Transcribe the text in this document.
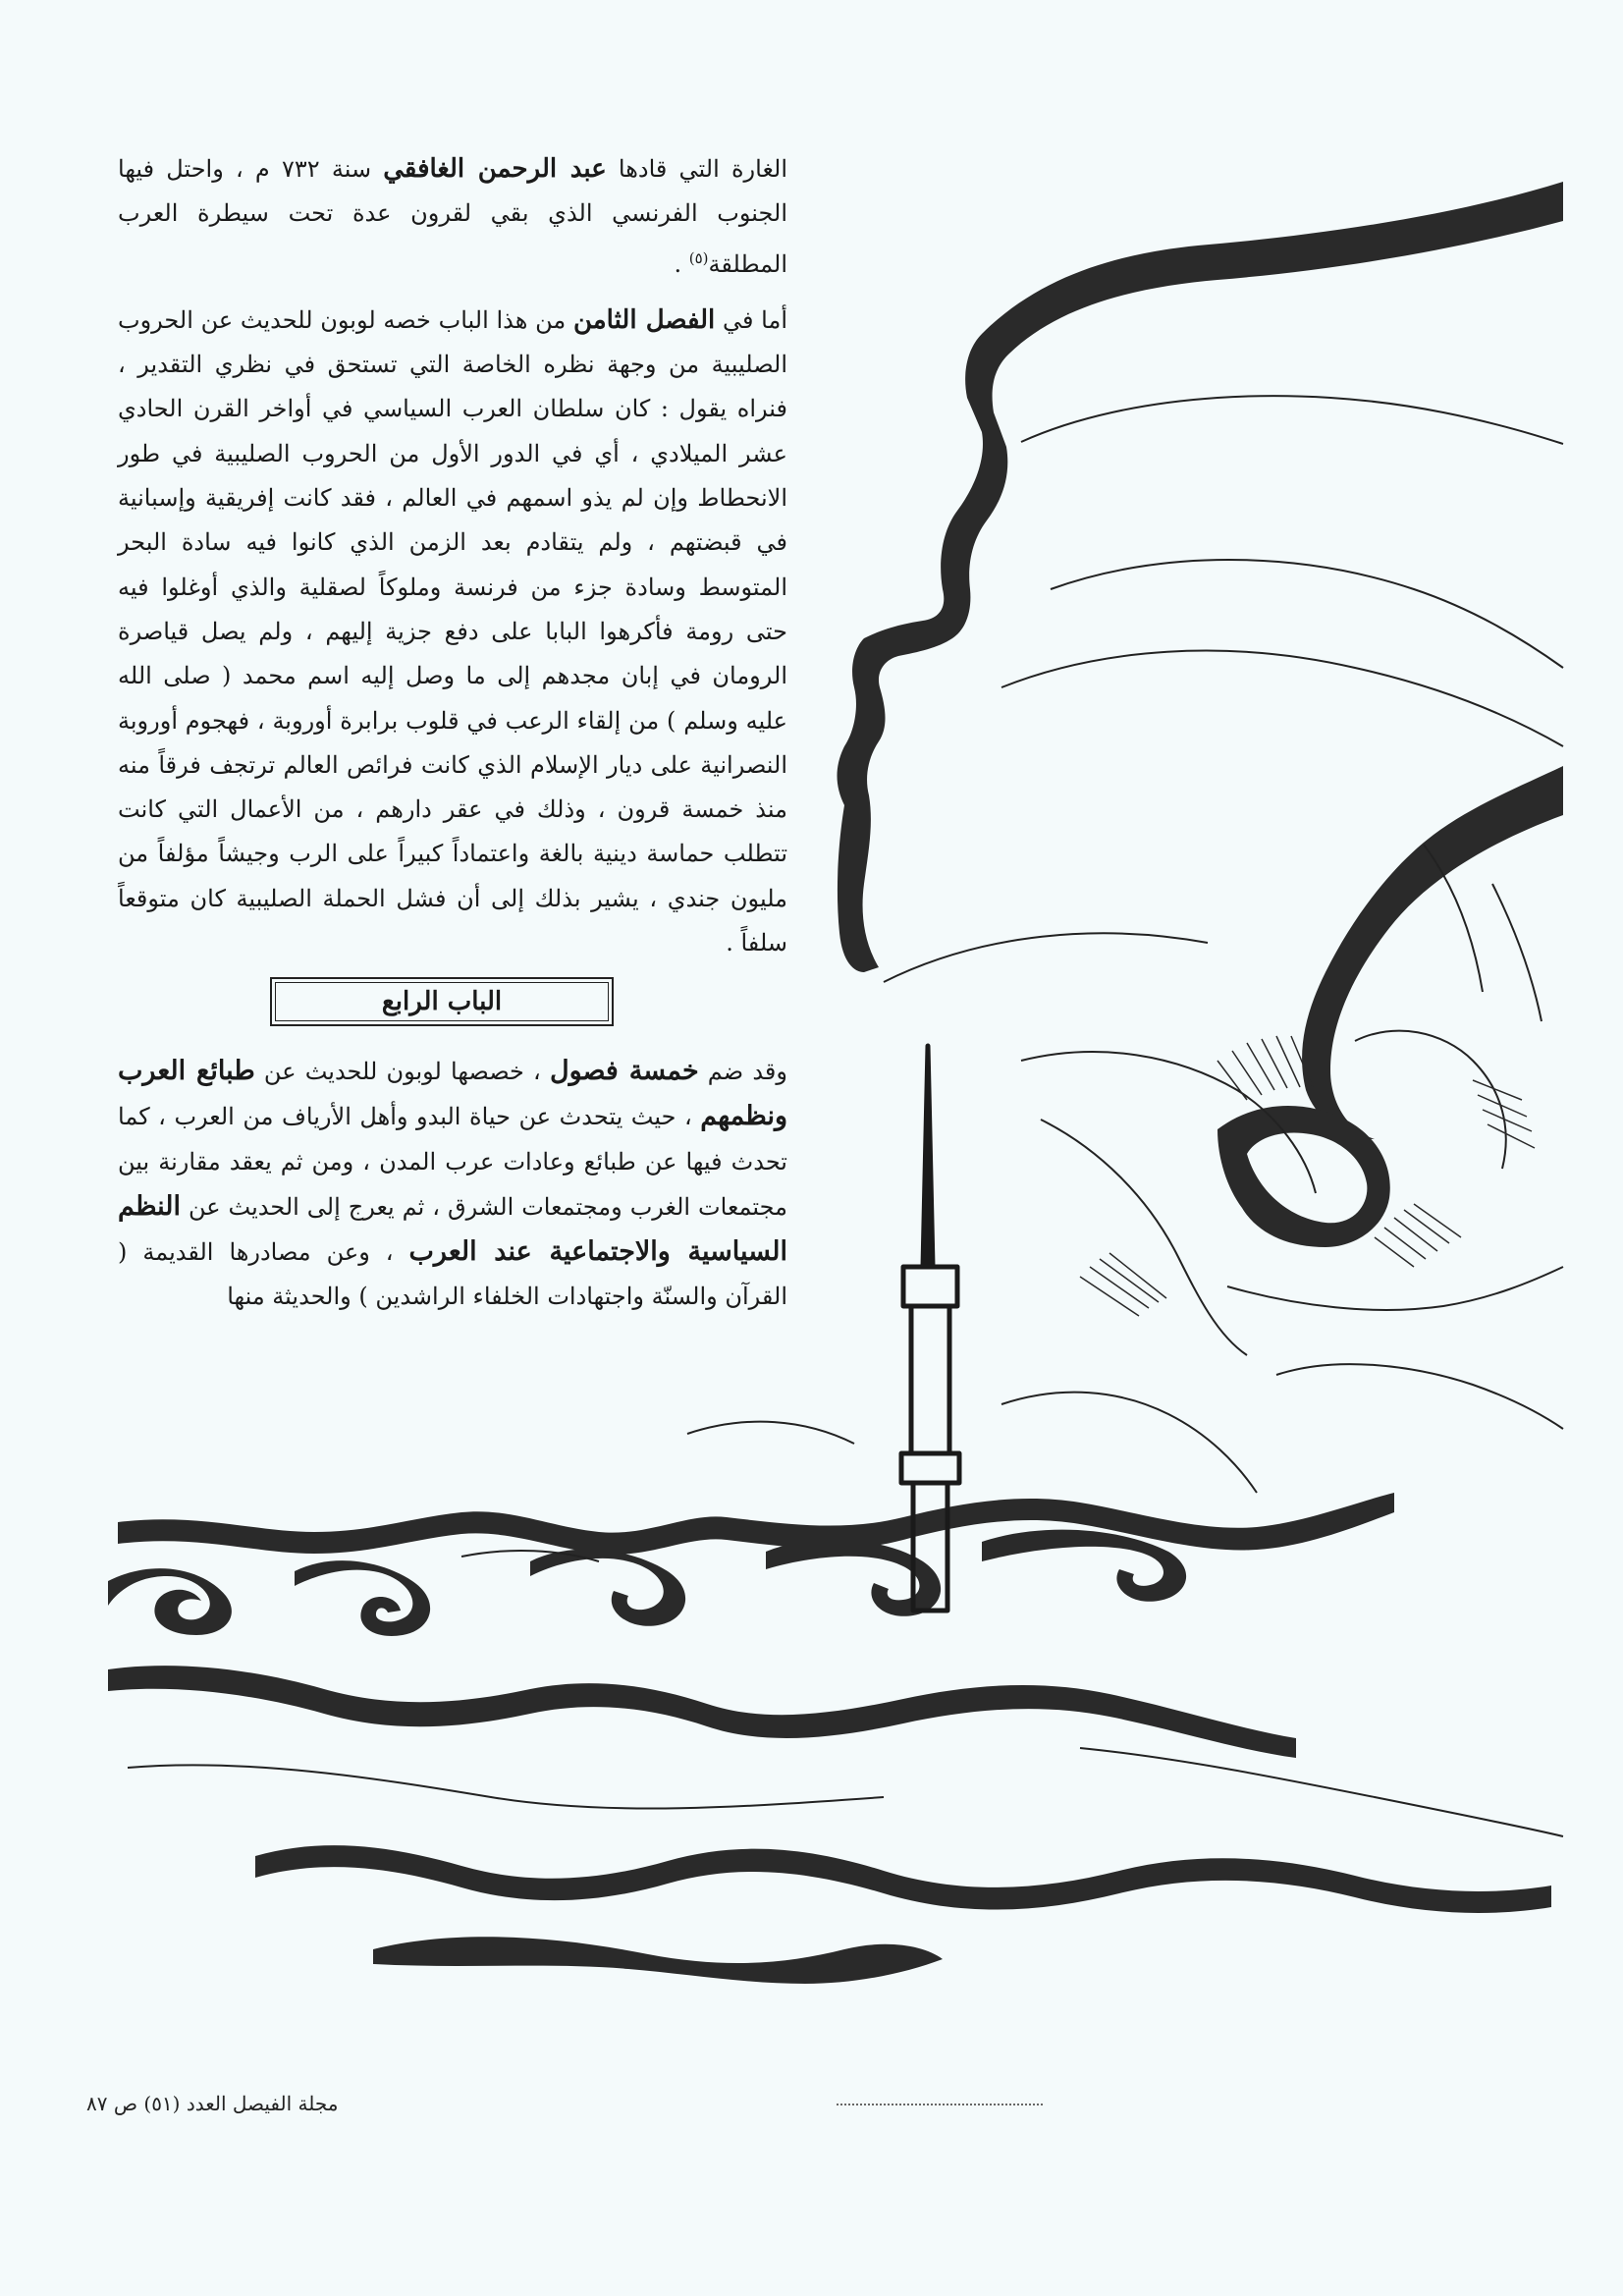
الغارة التي قادها عبد الرحمن الغافقي سنة ٧٣٢ م ، واحتل فيها الجنوب الفرنسي الذي بقي لقرون عدة تحت سيطرة العرب المطلقة$^{(٥)}$ .

أما في الفصل الثامن من هذا الباب خصه لوبون للحديث عن الحروب الصليبية من وجهة نظره الخاصة التي تستحق في نظري التقدير ، فنراه يقول : كان سلطان العرب السياسي في أواخر القرن الحادي عشر الميلادي ، أي في الدور الأول من الحروب الصليبية في طور الانحطاط وإن لم يذو اسمهم في العالم ، فقد كانت إفريقية وإسبانية في قبضتهم ، ولم يتقادم بعد الزمن الذي كانوا فيه سادة البحر المتوسط وسادة جزء من فرنسة وملوكاً لصقلية والذي أوغلوا فيه حتى رومة فأكرهوا البابا على دفع جزية إليهم ، ولم يصل قياصرة الرومان في إبان مجدهم إلى ما وصل إليه اسم محمد ( صلى الله عليه وسلم ) من إلقاء الرعب في قلوب برابرة أوروبة ، فهجوم أوروبة النصرانية على ديار الإسلام الذي كانت فرائص العالم ترتجف فرقاً منه منذ خمسة قرون ، وذلك في عقر دارهم ، من الأعمال التي كانت تتطلب حماسة دينية بالغة واعتماداً كبيراً على الرب وجيشاً مؤلفاً من مليون جندي ، يشير بذلك إلى أن فشل الحملة الصليبية كان متوقعاً سلفاً .

الباب الرابع

وقد ضم خمسة فصول ، خصصها لوبون للحديث عن طبائع العرب ونظمهم ، حيث يتحدث عن حياة البدو وأهل الأرياف من العرب ، كما تحدث فيها عن طبائع وعادات عرب المدن ، ومن ثم يعقد مقارنة بين مجتمعات الغرب ومجتمعات الشرق ، ثم يعرج إلى الحديث عن النظم السياسية والاجتماعية عند العرب ، وعن مصادرها القديمة ( القرآن والسنّة واجتهادات الخلفاء الراشدين ) والحديثة منها

مجلة الفيصل العدد (٥١) ص ٨٧
